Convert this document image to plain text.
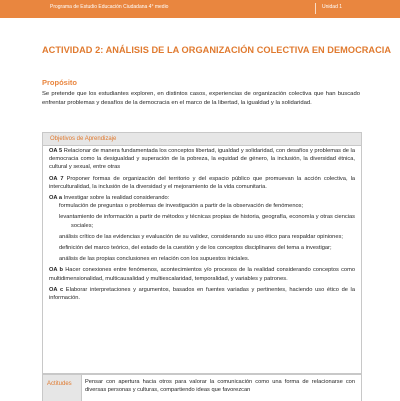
Programa de Estudio Educación Ciudadana 4° medio	Unidad 1
ACTIVIDAD 2: ANÁLISIS DE LA ORGANIZACIÓN COLECTIVA EN DEMOCRACIA
Propósito
Se pretende que los estudiantes exploren, en distintos casos, experiencias de organización colectiva que han buscado enfrentar problemas y desafíos de la democracia en el marco de la libertad, la igualdad y la solidaridad.
Objetivos de Aprendizaje

OA 5 Relacionar de manera fundamentada los conceptos libertad, igualdad y solidaridad, con desafíos y problemas de la democracia como la desigualdad y superación de la pobreza, la equidad de género, la inclusión, la diversidad étnica, cultural y sexual, entre otras

OA 7 Proponer formas de organización del territorio y del espacio público que promuevan la acción colectiva, la interculturalidad, la inclusión de la diversidad y el mejoramiento de la vida comunitaria.

OA a Investigar sobre la realidad considerando:

formulación de preguntas o problemas de investigación a partir de la observación de fenómenos;

levantamiento de información a partir de métodos y técnicas propias de historia, geografía, economía y otras ciencias sociales;

análisis crítico de las evidencias y evaluación de su validez, considerando su uso ético para respaldar opiniones;

definición del marco teórico, del estado de la cuestión y de los conceptos disciplinares del tema a investigar;

análisis de las propias conclusiones en relación con los supuestos iniciales.

OA b Hacer conexiones entre fenómenos, acontecimientos y/o procesos de la realidad considerando conceptos como multidimensionalidad, multicausalidad y multiescalaridad, temporalidad, y variables y patrones.

OA c Elaborar interpretaciones y argumentos, basados en fuentes variadas y pertinentes, haciendo uso ético de la información.

Actitudes Pensar con apertura hacia otros para valorar la comunicación como una forma de relacionarse con diversas personas y culturas, compartiendo ideas que favorezcan
